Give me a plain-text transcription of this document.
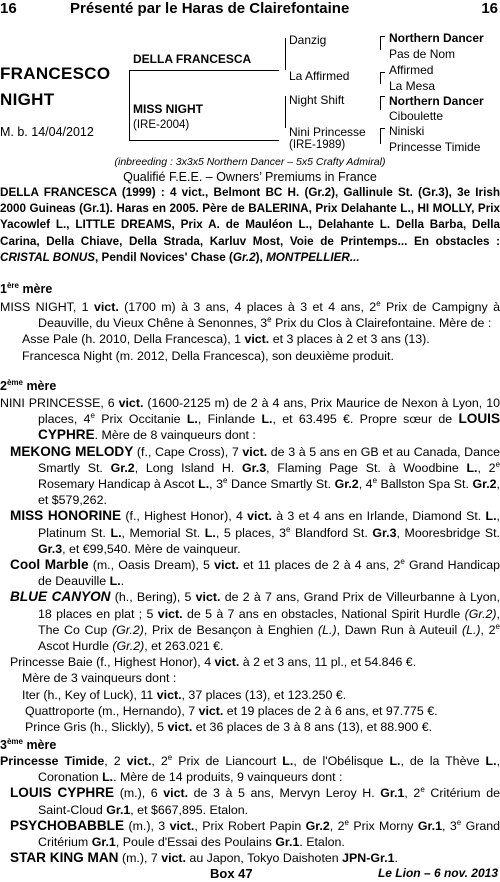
16	Présenté par le Haras de Clairefontaine	16
FRANCESCO
NIGHT
M. b. 14/04/2012
DELLA FRANCESCA
MISS NIGHT
(IRE-2004)
Danzig
La Affirmed
Night Shift
Nini Princesse
(IRE-1989)
Northern Dancer
Pas de Nom
Affirmed
La Mesa
Northern Dancer
Ciboulette
Niniski
Princesse Timide
(inbreeding : 3x3x5 Northern Dancer – 5x5 Crafty Admiral)
Qualifié F.E.E. – Owners’ Premiums in France
DELLA FRANCESCA (1999) : 4 vict., Belmont BC H. (Gr.2), Gallinule St. (Gr.3), 3e Irish 2000 Guineas (Gr.1). Haras en 2005. Père de BALERINA, Prix Delahante L., HI MOLLY, Prix Yacowlef L., LITTLE DREAMS, Prix A. de Mauléon L., Delahante L. Della Barba, Della Carina, Della Chiave, Della Strada, Karluv Most, Voie de Printemps... En obstacles : CRISTAL BONUS, Pendil Novices' Chase (Gr.2), MONTPELLIER...
1ère mère
MISS NIGHT, 1 vict. (1700 m) à 3 ans, 4 places à 3 et 4 ans, 2e Prix de Campigny à Deauville, du Vieux Chêne à Senonnes, 3e Prix du Clos à Clairefontaine. Mère de :
Asse Pale (h. 2010, Della Francesca), 1 vict. et 3 places à 2 et 3 ans (13).
Francesca Night (m. 2012, Della Francesca), son deuxième produit.
2ème mère
NINI PRINCESSE, 6 vict. (1600-2125 m) de 2 à 4 ans, Prix Maurice de Nexon à Lyon, 10 places, 4e Prix Occitanie L., Finlande L., et 63.495 €. Propre sœur de LOUIS CYPHRE. Mère de 8 vainqueurs dont :
MEKONG MELODY (f., Cape Cross), 7 vict. de 3 à 5 ans en GB et au Canada, Dance Smartly St. Gr.2, Long Island H. Gr.3, Flaming Page St. à Woodbine L., 2e Rosemary Handicap à Ascot L., 3e Dance Smartly St. Gr.2, 4e Ballston Spa St. Gr.2, et $579,262.
MISS HONORINE (f., Highest Honor), 4 vict. à 3 et 4 ans en Irlande, Diamond St. L., Platinum St. L., Memorial St. L., 5 places, 3e Blandford St. Gr.3, Mooresbridge St. Gr.3, et €99,540. Mère de vainqueur.
Cool Marble (m., Oasis Dream), 5 vict. et 11 places de 2 à 4 ans, 2e Grand Handicap de Deauville L..
BLUE CANYON (h., Bering), 5 vict. de 2 à 7 ans, Grand Prix de Villeurbanne à Lyon, 18 places en plat ; 5 vict. de 5 à 7 ans en obstacles, National Spirit Hurdle (Gr.2), The Co Cup (Gr.2), Prix de Besançon à Enghien (L.), Dawn Run à Auteuil (L.), 2e Ascot Hurdle (Gr.2), et 263.021 €.
Princesse Baie (f., Highest Honor), 4 vict. à 2 et 3 ans, 11 pl., et 54.846 €.
Mère de 3 vainqueurs dont :
Iter (h., Key of Luck), 11 vict., 37 places (13), et 123.250 €.
Quattroporte (m., Hernando), 7 vict. et 19 places de 2 à 6 ans, et 97.775 €.
Prince Gris (h., Slickly), 5 vict. et 36 places de 3 à 8 ans (13), et 88.900 €.
3ème mère
Princesse Timide, 2 vict., 2e Prix de Liancourt L., de l'Obélisque L., de la Thève L., Coronation L.. Mère de 14 produits, 9 vainqueurs dont :
LOUIS CYPHRE (m.), 6 vict. de 3 à 5 ans, Mervyn Leroy H. Gr.1, 2e Critérium de Saint-Cloud Gr.1, et $667,895. Etalon.
PSYCHOBABBLE (m.), 3 vict., Prix Robert Papin Gr.2, 2e Prix Morny Gr.1, 3e Grand Critérium Gr.1, Poule d'Essai des Poulains Gr.1. Etalon.
STAR KING MAN (m.), 7 vict. au Japon, Tokyo Daishoten JPN-Gr.1.
Box 47	Le Lion – 6 nov. 2013
